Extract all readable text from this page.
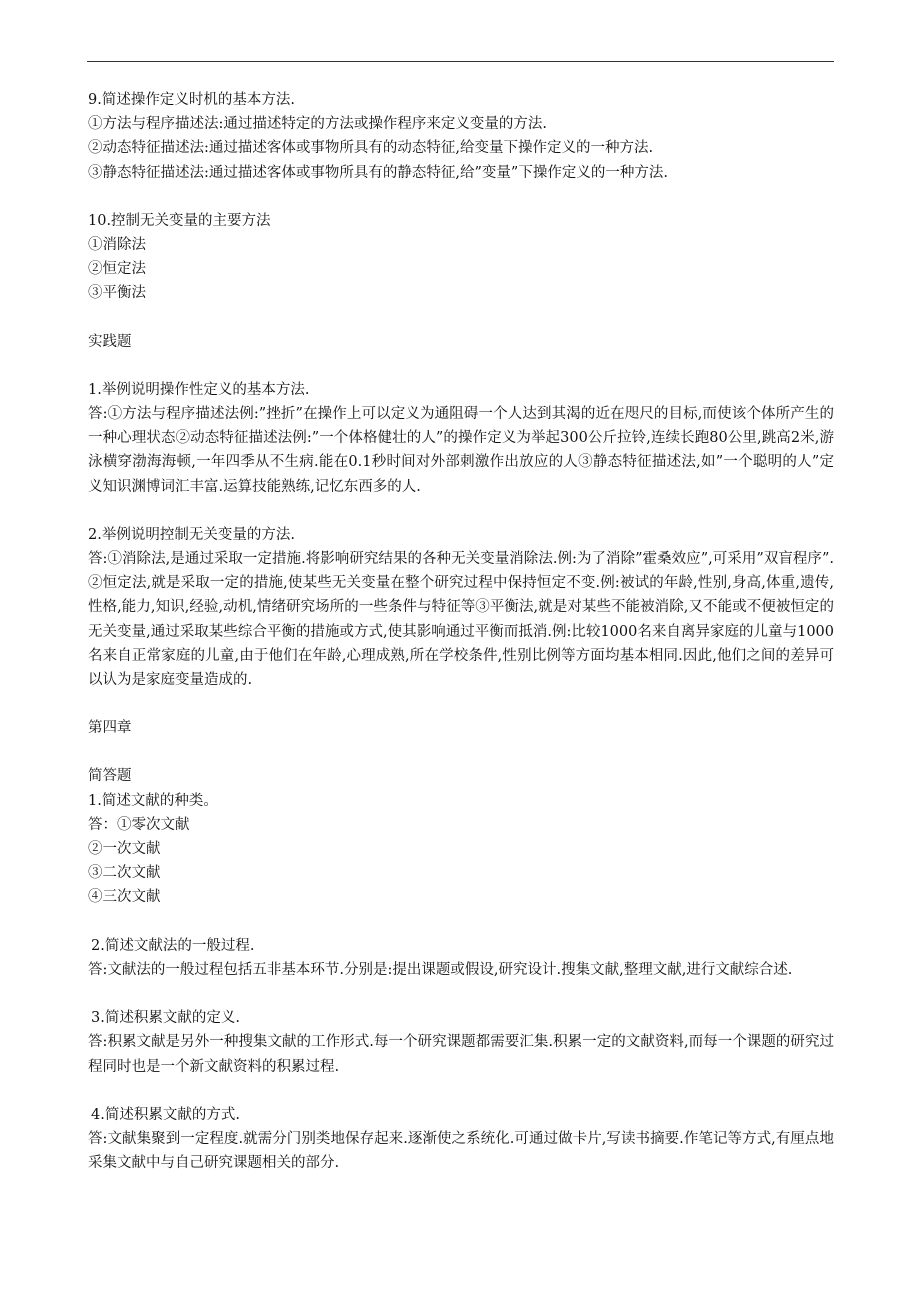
9.简述操作定义时机的基本方法.
①方法与程序描述法:通过描述特定的方法或操作程序来定义变量的方法.
②动态特征描述法:通过描述客体或事物所具有的动态特征,给变量下操作定义的一种方法.
③静态特征描述法:通过描述客体或事物所具有的静态特征,给”变量”下操作定义的一种方法.
10.控制无关变量的主要方法
①消除法
②恒定法
③平衡法
实践题
1.举例说明操作性定义的基本方法.
答:①方法与程序描述法例:”挫折”在操作上可以定义为通阻碍一个人达到其渴的近在咫尺的目标,而使该个体所产生的一种心理状态②动态特征描述法例:”一个体格健壮的人”的操作定义为举起300公斤拉铃,连续长跑80公里,跳高2米,游泳横穿渤海海顿,一年四季从不生病.能在0.1秒时间对外部刺激作出放应的人③静态特征描述法,如”一个聪明的人”定义知识渊博词汇丰富.运算技能熟练,记忆东西多的人.
2.举例说明控制无关变量的方法.
答:①消除法,是通过采取一定措施.将影响研究结果的各种无关变量消除法.例:为了消除”霍桑效应”,可采用”双盲程序”.②恒定法,就是采取一定的措施,使某些无关变量在整个研究过程中保持恒定不变.例:被试的年龄,性别,身高,体重,遗传,性格,能力,知识,经验,动机,情绪研究场所的一些条件与特征等③平衡法,就是对某些不能被消除,又不能或不便被恒定的无关变量,通过采取某些综合平衡的措施或方式,使其影响通过平衡而抵消.例:比较1000名来自离异家庭的儿童与1000名来自正常家庭的儿童,由于他们在年龄,心理成熟,所在学校条件,性别比例等方面均基本相同.因此,他们之间的差异可以认为是家庭变量造成的.
第四章
简答题
1.简述文献的种类。
答：①零次文献
②一次文献
③二次文献
④三次文献
2.简述文献法的一般过程.
答:文献法的一般过程包括五非基本环节.分别是:提出课题或假设,研究设计.搜集文献,整理文献,进行文献综合述.
3.简述积累文献的定义.
答:积累文献是另外一种搜集文献的工作形式.每一个研究课题都需要汇集.积累一定的文献资料,而每一个课题的研究过程同时也是一个新文献资料的积累过程.
4.简述积累文献的方式.
答:文献集聚到一定程度.就需分门别类地保存起来.逐渐使之系统化.可通过做卡片,写读书摘要.作笔记等方式,有厘点地采集文献中与自己研究课题相关的部分.
